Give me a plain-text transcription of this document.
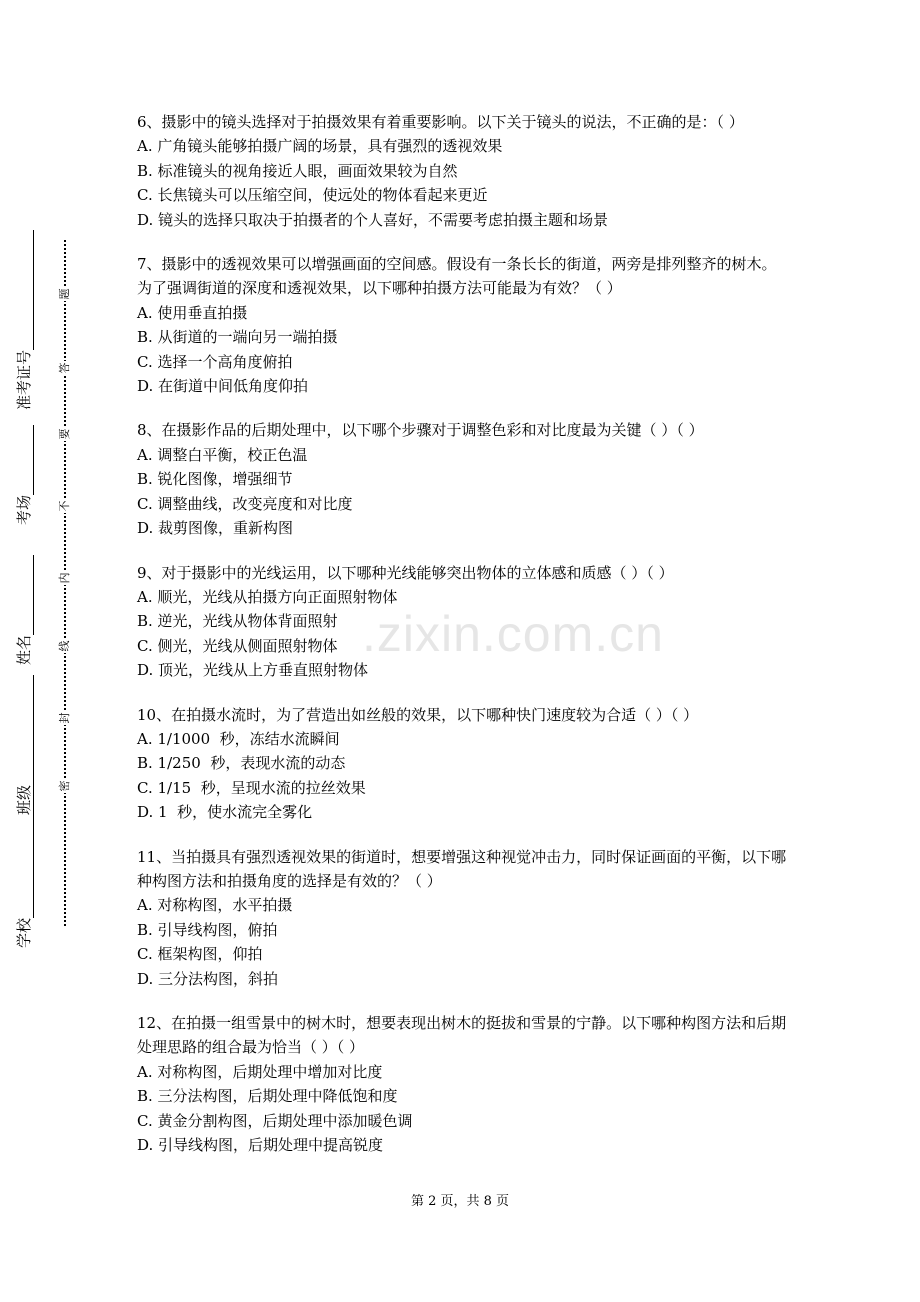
准考证号
考场
姓名
班级
学校
题
答
要
不
内
线
封
密
.zixin.com.cn
6、摄影中的镜头选择对于拍摄效果有着重要影响。以下关于镜头的说法，不正确的是：（ ）
A. 广角镜头能够拍摄广阔的场景，具有强烈的透视效果
B. 标准镜头的视角接近人眼，画面效果较为自然
C. 长焦镜头可以压缩空间，使远处的物体看起来更近
D. 镜头的选择只取决于拍摄者的个人喜好，不需要考虑拍摄主题和场景
7、摄影中的透视效果可以增强画面的空间感。假设有一条长长的街道，两旁是排列整齐的树木。为了强调街道的深度和透视效果，以下哪种拍摄方法可能最为有效？（ ）
A. 使用垂直拍摄
B. 从街道的一端向另一端拍摄
C. 选择一个高角度俯拍
D. 在街道中间低角度仰拍
8、在摄影作品的后期处理中，以下哪个步骤对于调整色彩和对比度最为关键（ ）（ ）
A. 调整白平衡，校正色温
B. 锐化图像，增强细节
C. 调整曲线，改变亮度和对比度
D. 裁剪图像，重新构图
9、对于摄影中的光线运用，以下哪种光线能够突出物体的立体感和质感（ ）（ ）
A. 顺光，光线从拍摄方向正面照射物体
B. 逆光，光线从物体背面照射
C. 侧光，光线从侧面照射物体
D. 顶光，光线从上方垂直照射物体
10、在拍摄水流时，为了营造出如丝般的效果，以下哪种快门速度较为合适（ ）（ ）
A. 1/1000  秒，冻结水流瞬间
B. 1/250  秒，表现水流的动态
C. 1/15  秒，呈现水流的拉丝效果
D. 1  秒，使水流完全雾化
11、当拍摄具有强烈透视效果的街道时，想要增强这种视觉冲击力，同时保证画面的平衡，以下哪种构图方法和拍摄角度的选择是有效的？（ ）
A. 对称构图，水平拍摄
B. 引导线构图，俯拍
C. 框架构图，仰拍
D. 三分法构图，斜拍
12、在拍摄一组雪景中的树木时，想要表现出树木的挺拔和雪景的宁静。以下哪种构图方法和后期处理思路的组合最为恰当（ ）（ ）
A. 对称构图，后期处理中增加对比度
B. 三分法构图，后期处理中降低饱和度
C. 黄金分割构图，后期处理中添加暖色调
D. 引导线构图，后期处理中提高锐度
第 2 页，共 8 页
